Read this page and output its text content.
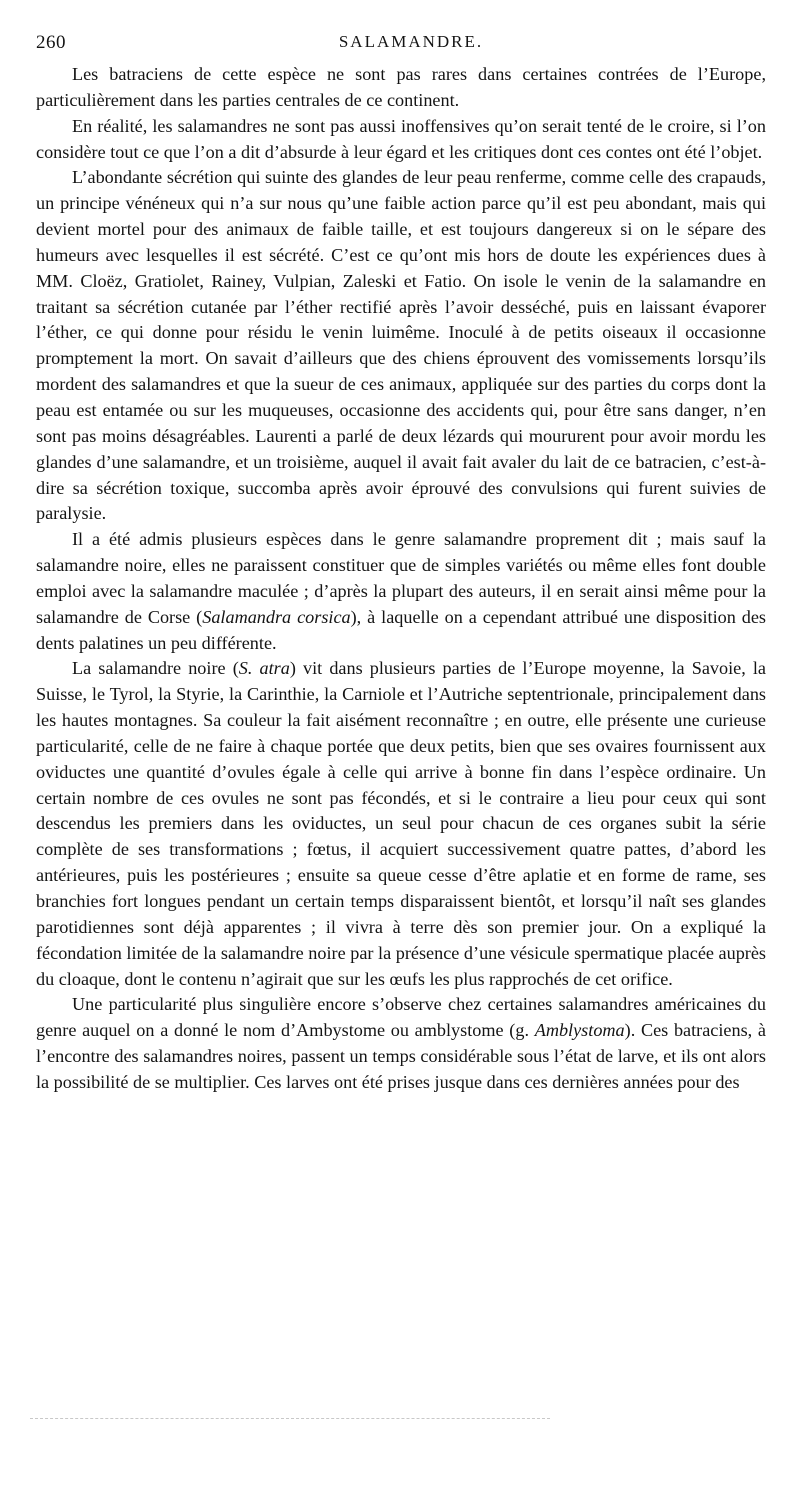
260	SALAMANDRE.

Les batraciens de cette espèce ne sont pas rares dans certaines contrées de l’Europe, particulièrement dans les parties centrales de ce continent.

En réalité, les salamandres ne sont pas aussi inoffensives qu’on serait tenté de le croire, si l’on considère tout ce que l’on a dit d’absurde à leur égard et les critiques dont ces contes ont été l’objet.

L’abondante sécrétion qui suinte des glandes de leur peau renferme, comme celle des crapauds, un principe vénéneux qui n’a sur nous qu’une faible action parce qu’il est peu abondant, mais qui devient mortel pour des animaux de faible taille, et est toujours dangereux si on le sépare des humeurs avec lesquelles il est sécrété. C’est ce qu’ont mis hors de doute les expériences dues à MM. Cloëz, Gratiolet, Rainey, Vulpian, Zaleski et Fatio. On isole le venin de la salamandre en traitant sa sécrétion cutanée par l’éther rectifié après l’avoir desséché, puis en laissant évaporer l’éther, ce qui donne pour résidu le venin luimême. Inoculé à de petits oiseaux il occasionne promptement la mort. On savait d’ailleurs que des chiens éprouvent des vomissements lorsqu’ils mordent des salamandres et que la sueur de ces animaux, appliquée sur des parties du corps dont la peau est entamée ou sur les muqueuses, occasionne des accidents qui, pour être sans danger, n’en sont pas moins désagréables. Laurenti a parlé de deux lézards qui moururent pour avoir mordu les glandes d’une salamandre, et un troisième, auquel il avait fait avaler du lait de ce batracien, c’est-à-dire sa sécrétion toxique, succomba après avoir éprouvé des convulsions qui furent suivies de paralysie.

Il a été admis plusieurs espèces dans le genre salamandre proprement dit ; mais sauf la salamandre noire, elles ne paraissent constituer que de simples variétés ou même elles font double emploi avec la salamandre maculée ; d’après la plupart des auteurs, il en serait ainsi même pour la salamandre de Corse (Salamandra corsica), à laquelle on a cependant attribué une disposition des dents palatines un peu différente.

La salamandre noire (S. atra) vit dans plusieurs parties de l’Europe moyenne, la Savoie, la Suisse, le Tyrol, la Styrie, la Carinthie, la Carniole et l’Autriche septentrionale, principalement dans les hautes montagnes. Sa couleur la fait aisément reconnaître ; en outre, elle présente une curieuse particularité, celle de ne faire à chaque portée que deux petits, bien que ses ovaires fournissent aux oviductes une quantité d’ovules égale à celle qui arrive à bonne fin dans l’espèce ordinaire. Un certain nombre de ces ovules ne sont pas fécondés, et si le contraire a lieu pour ceux qui sont descendus les premiers dans les oviductes, un seul pour chacun de ces organes subit la série complète de ses transformations ; fœtus, il acquiert successivement quatre pattes, d’abord les antérieures, puis les postérieures ; ensuite sa queue cesse d’être aplatie et en forme de rame, ses branchies fort longues pendant un certain temps disparaissent bientôt, et lorsqu’il naît ses glandes parotidiennes sont déjà apparentes ; il vivra à terre dès son premier jour. On a expliqué la fécondation limitée de la salamandre noire par la présence d’une vésicule spermatique placée auprès du cloaque, dont le contenu n’agirait que sur les œufs les plus rapprochés de cet orifice.

Une particularité plus singulière encore s’observe chez certaines salamandres américaines du genre auquel on a donné le nom d’Ambystome ou amblystome (g. Amblystoma). Ces batraciens, à l’encontre des salamandres noires, passent un temps considérable sous l’état de larve, et ils ont alors la possibilité de se multiplier. Ces larves ont été prises jusque dans ces dernières années pour des
